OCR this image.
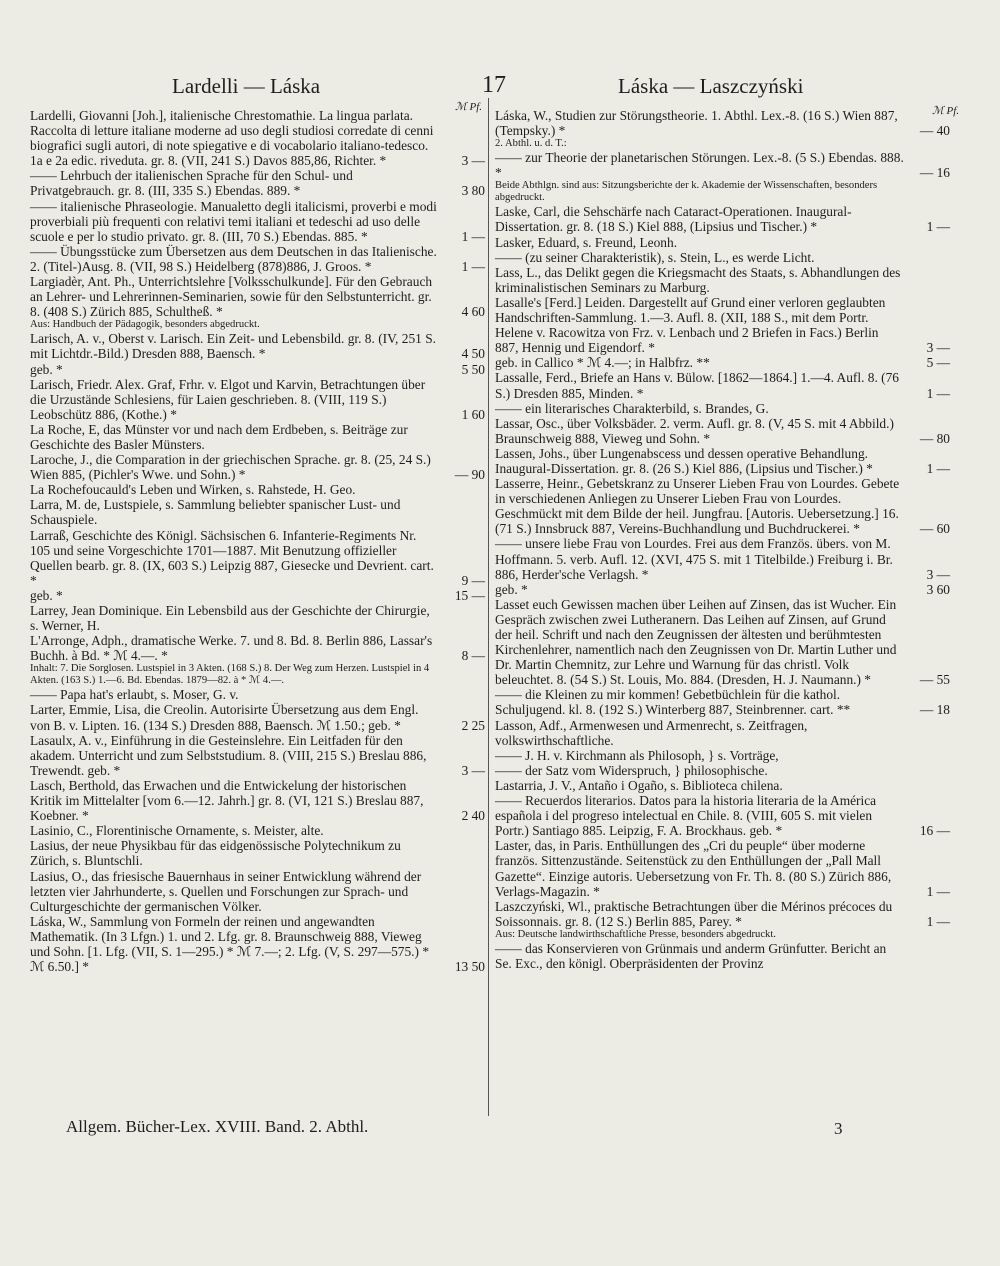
Lardelli — Láska	17	Láska — Laszczyński
ℳ Pf.	ℳ Pf.
Lardelli, Giovanni [Joh.], italienische Chrestomathie. La lingua parlata. Raccolta di letture italiane moderne ad uso degli studiosi corredate di cenni biografici sugli autori, di note spiegative e di vocabolario italiano-tedesco. 1a e 2a edic. riveduta. gr. 8. (VII, 241 S.) Davos 885,86, Richter. *	3 —
—— Lehrbuch der italienischen Sprache für den Schul- und Privatgebrauch. gr. 8. (III, 335 S.) Ebendas. 889. *	3 80
—— italienische Phraseologie. Manualetto degli italicismi, proverbi e modi proverbiali più frequenti con relativi temi italiani et tedeschi ad uso delle scuole e per lo studio privato. gr. 8. (III, 70 S.) Ebendas. 885. *	1 —
—— Übungsstücke zum Übersetzen aus dem Deutschen in das Italienische. 2. (Titel-)Ausg. 8. (VII, 98 S.) Heidelberg (878)886, J. Groos. *	1 —
Largiadèr, Ant. Ph., Unterrichtslehre [Volksschulkunde]. Für den Gebrauch an Lehrer- und Lehrerinnen-Seminarien, sowie für den Selbstunterricht. gr. 8. (408 S.) Zürich 885, Schultheß. *	4 60
Aus: Handbuch der Pädagogik, besonders abgedruckt.
Larisch, A. v., Oberst v. Larisch. Ein Zeit- und Lebensbild. gr. 8. (IV, 251 S. mit Lichtdr.-Bild.) Dresden 888, Baensch. *	4 50
geb. *	5 50
Larisch, Friedr. Alex. Graf, Frhr. v. Elgot und Karvin, Betrachtungen über die Urzustände Schlesiens, für Laien geschrieben. 8. (VIII, 119 S.) Leobschütz 886, (Kothe.) *	1 60
La Roche, E, das Münster vor und nach dem Erdbeben, s. Beiträge zur Geschichte des Basler Münsters.
Laroche, J., die Comparation in der griechischen Sprache. gr. 8. (25, 24 S.) Wien 885, (Pichler's Wwe. und Sohn.) *	— 90
La Rochefoucauld's Leben und Wirken, s. Rahstede, H. Geo.
Larra, M. de, Lustspiele, s. Sammlung beliebter spanischer Lust- und Schauspiele.
Larraß, Geschichte des Königl. Sächsischen 6. Infanterie-Regiments Nr. 105 und seine Vorgeschichte 1701—1887. Mit Benutzung offizieller Quellen bearb. gr. 8. (IX, 603 S.) Leipzig 887, Giesecke und Devrient. cart. *	9 —
geb. *	15 —
Larrey, Jean Dominique. Ein Lebensbild aus der Geschichte der Chirurgie, s. Werner, H.
L'Arronge, Adph., dramatische Werke. 7. und 8. Bd. 8. Berlin 886, Lassar's Buchh. à Bd. * ℳ 4.—. *	8 —
Inhalt: 7. Die Sorglosen. Lustspiel in 3 Akten. (168 S.) 8. Der Weg zum Herzen. Lustspiel in 4 Akten. (163 S.) 1.—6. Bd. Ebendas. 1879—82. à * ℳ 4.—.
—— Papa hat's erlaubt, s. Moser, G. v.
Larter, Emmie, Lisa, die Creolin. Autorisirte Übersetzung aus dem Engl. von B. v. Lipten. 16. (134 S.) Dresden 888, Baensch. ℳ 1.50.; geb. *	2 25
Lasaulx, A. v., Einführung in die Gesteinslehre. Ein Leitfaden für den akadem. Unterricht und zum Selbststudium. 8. (VIII, 215 S.) Breslau 886, Trewendt. geb. *	3 —
Lasch, Berthold, das Erwachen und die Entwickelung der historischen Kritik im Mittelalter [vom 6.—12. Jahrh.] gr. 8. (VI, 121 S.) Breslau 887, Koebner. *	2 40
Lasinio, C., Florentinische Ornamente, s. Meister, alte.
Lasius, der neue Physikbau für das eidgenössische Polytechnikum zu Zürich, s. Bluntschli.
Lasius, O., das friesische Bauernhaus in seiner Entwicklung während der letzten vier Jahrhunderte, s. Quellen und Forschungen zur Sprach- und Culturgeschichte der germanischen Völker.
Láska, W., Sammlung von Formeln der reinen und angewandten Mathematik. (In 3 Lfgn.) 1. und 2. Lfg. gr. 8. Braunschweig 888, Vieweg und Sohn. [1. Lfg. (VII, S. 1—295.) * ℳ 7.—; 2. Lfg. (V, S. 297—575.) * ℳ 6.50.] *	13 50
Láska, W., Studien zur Störungstheorie. 1. Abthl. Lex.-8. (16 S.) Wien 887, (Tempsky.) *	— 40
2. Abthl. u. d. T.:
—— zur Theorie der planetarischen Störungen. Lex.-8. (5 S.) Ebendas. 888. *	— 16
Beide Abthlgn. sind aus: Sitzungsberichte der k. Akademie der Wissenschaften, besonders abgedruckt.
Laske, Carl, die Sehschärfe nach Cataract-Operationen. Inaugural-Dissertation. gr. 8. (18 S.) Kiel 888, (Lipsius und Tischer.) *	1 —
Lasker, Eduard, s. Freund, Leonh.
—— (zu seiner Charakteristik), s. Stein, L., es werde Licht.
Lass, L., das Delikt gegen die Kriegsmacht des Staats, s. Abhandlungen des kriminalistischen Seminars zu Marburg.
Lasalle's [Ferd.] Leiden. Dargestellt auf Grund einer verloren geglaubten Handschriften-Sammlung. 1.—3. Aufl. 8. (XII, 188 S., mit dem Portr. Helene v. Racowitza von Frz. v. Lenbach und 2 Briefen in Facs.) Berlin 887, Hennig und Eigendorf. *	3 —
geb. in Callico * ℳ 4.—; in Halbfrz. **	5 —
Lassalle, Ferd., Briefe an Hans v. Bülow. [1862—1864.] 1.—4. Aufl. 8. (76 S.) Dresden 885, Minden. *	1 —
—— ein literarisches Charakterbild, s. Brandes, G.
Lassar, Osc., über Volksbäder. 2. verm. Aufl. gr. 8. (V, 45 S. mit 4 Abbild.) Braunschweig 888, Vieweg und Sohn. *	— 80
Lassen, Johs., über Lungenabscess und dessen operative Behandlung. Inaugural-Dissertation. gr. 8. (26 S.) Kiel 886, (Lipsius und Tischer.) *	1 —
Lasserre, Heinr., Gebetskranz zu Unserer Lieben Frau von Lourdes. Gebete in verschiedenen Anliegen zu Unserer Lieben Frau von Lourdes. Geschmückt mit dem Bilde der heil. Jungfrau. [Autoris. Uebersetzung.] 16. (71 S.) Innsbruck 887, Vereins-Buchhandlung und Buchdruckerei. *	— 60
—— unsere liebe Frau von Lourdes. Frei aus dem Französ. übers. von M. Hoffmann. 5. verb. Aufl. 12. (XVI, 475 S. mit 1 Titelbilde.) Freiburg i. Br. 886, Herder'sche Verlagsh. *	3 —
geb. *	3 60
Lasset euch Gewissen machen über Leihen auf Zinsen, das ist Wucher. Ein Gespräch zwischen zwei Lutheranern. Das Leihen auf Zinsen, auf Grund der heil. Schrift und nach den Zeugnissen der ältesten und berühmtesten Kirchenlehrer, namentlich nach den Zeugnissen von Dr. Martin Luther und Dr. Martin Chemnitz, zur Lehre und Warnung für das christl. Volk beleuchtet. 8. (54 S.) St. Louis, Mo. 884. (Dresden, H. J. Naumann.) *	— 55
—— die Kleinen zu mir kommen! Gebetbüchlein für die kathol. Schuljugend. kl. 8. (192 S.) Winterberg 887, Steinbrenner. cart. **	— 18
Lasson, Adf., Armenwesen und Armenrecht, s. Zeitfragen, volkswirthschaftliche.
—— J. H. v. Kirchmann als Philosoph, } s. Vorträge,
—— der Satz vom Widerspruch, } philosophische.
Lastarria, J. V., Antaño i Ogaño, s. Biblioteca chilena.
—— Recuerdos literarios. Datos para la historia literaria de la América española i del progreso intelectual en Chile. 8. (VIII, 605 S. mit vielen Portr.) Santiago 885. Leipzig, F. A. Brockhaus. geb. *	16 —
Laster, das, in Paris. Enthüllungen des „Cri du peuple“ über moderne französ. Sittenzustände. Seitenstück zu den Enthüllungen der „Pall Mall Gazette“. Einzige autoris. Uebersetzung von Fr. Th. 8. (80 S.) Zürich 886, Verlags-Magazin. *	1 —
Laszczyński, Wl., praktische Betrachtungen über die Mérinos précoces du Soissonnais. gr. 8. (12 S.) Berlin 885, Parey. *	1 —
Aus: Deutsche landwirthschaftliche Presse, besonders abgedruckt.
—— das Konservieren von Grünmais und anderm Grünfutter. Bericht an Se. Exc., den königl. Oberpräsidenten der Provinz
Allgem. Bücher-Lex. XVIII. Band. 2. Abthl.	3
